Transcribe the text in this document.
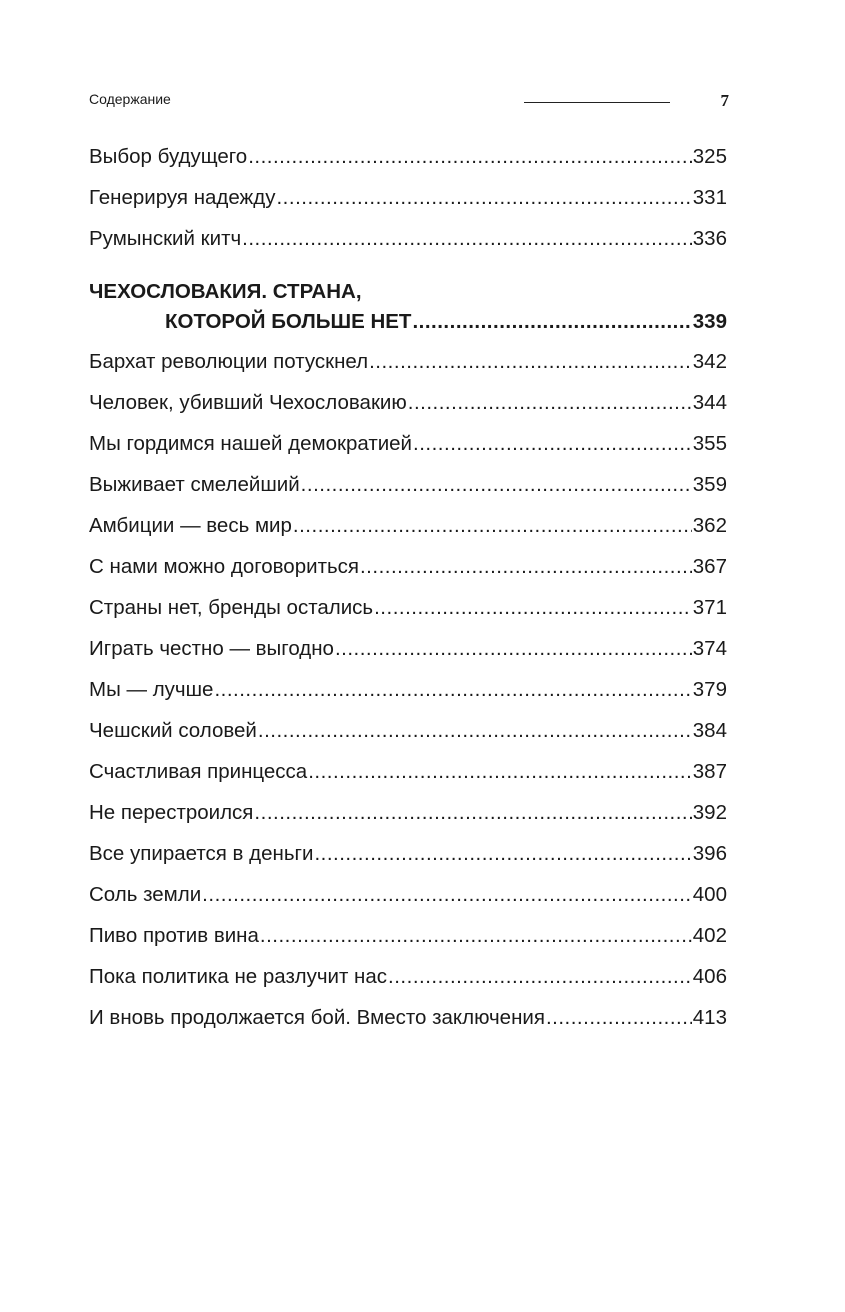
Содержание	7
Выбор будущего .....	325
Генерируя надежду .....	331
Румынский китч .....	336
ЧЕХОСЛОВАКИЯ. СТРАНА,
КОТОРОЙ БОЛЬШЕ НЕТ .....	339
Бархат революции потускнел .....	342
Человек, убивший Чехословакию .....	344
Мы гордимся нашей демократией .....	355
Выживает смелейший .....	359
Амбиции — весь мир .....	362
С нами можно договориться .....	367
Страны нет, бренды остались .....	371
Играть честно — выгодно .....	374
Мы — лучше .....	379
Чешский соловей .....	384
Счастливая принцесса .....	387
Не перестроился .....	392
Все упирается в деньги .....	396
Соль земли .....	400
Пиво против вина .....	402
Пока политика не разлучит нас .....	406
И вновь продолжается бой. Вместо заключения .....	413
